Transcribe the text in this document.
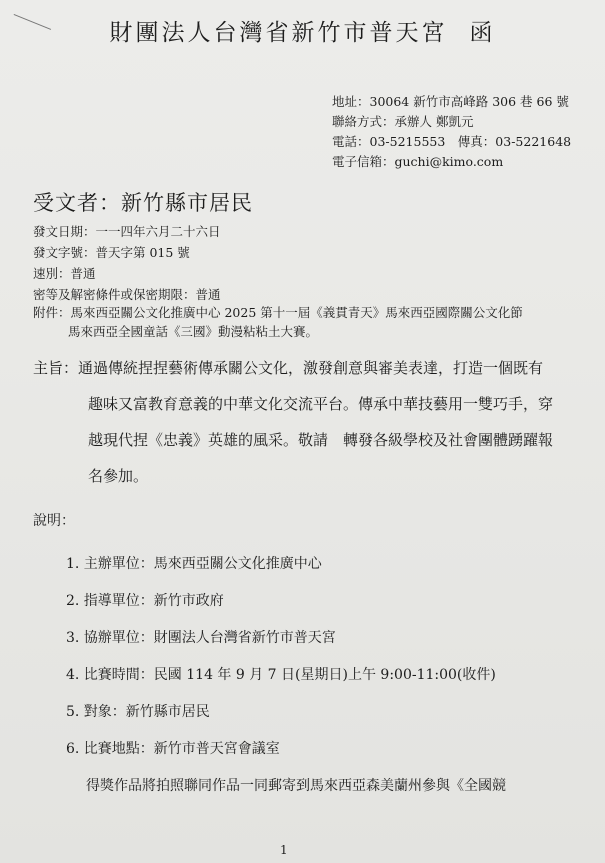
財團法人台灣省新竹市普天宮 函
地址：30064 新竹市高峰路 306 巷 66 號
聯絡方式：承辦人 鄭凱元
電話：03-5215553　傳真：03-5221648
電子信箱：guchi@kimo.com
受文者：新竹縣市居民
發文日期：一一四年六月二十六日
發文字號：普天字第 015 號
速別：普通
密等及解密條件或保密期限：普通
附件：馬來西亞關公文化推廣中心 2025 第十一屆《義貫青天》馬來西亞國際關公文化節
馬來西亞全國童話《三國》動漫粘粘土大賽。
主旨：通過傳統捏捏藝術傳承關公文化，激發創意與審美表達，打造一個既有
趣味又富教育意義的中華文化交流平台。傳承中華技藝用一雙巧手，穿
越現代捏《忠義》英雄的風采。敬請　轉發各級學校及社會團體踴躍報
名參加。
說明：
1. 主辦單位：馬來西亞關公文化推廣中心
2. 指導單位：新竹市政府
3. 協辦單位：財團法人台灣省新竹市普天宮
4. 比賽時間：民國 114 年 9 月 7 日(星期日)上午 9:00-11:00(收件)
5. 對象：新竹縣市居民
6. 比賽地點：新竹市普天宮會議室
得獎作品將拍照聯同作品一同郵寄到馬來西亞森美蘭州參與《全國競
1
